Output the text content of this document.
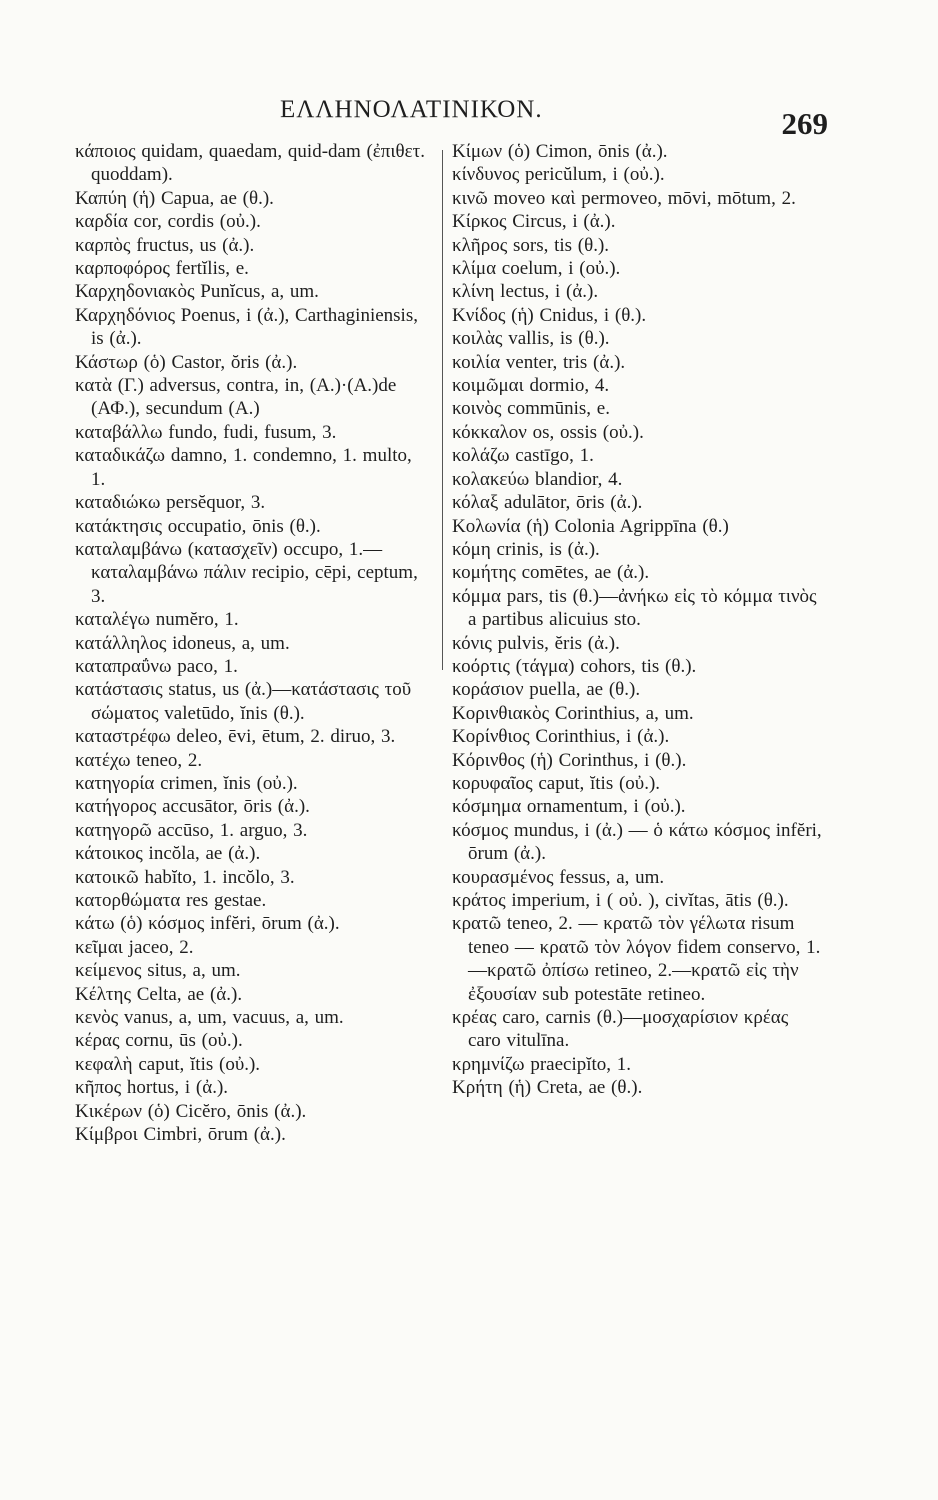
ΕΛΛΗΝΟΛΑΤΙΝΙΚΟΝ.	269
κάποιος quidam, quaedam, quid-dam (ἐπιθετ. quoddam).
Καπύη (ἡ) Capua, ae (θ.).
καρδία cor, cordis (οὐ.).
καρπὸς fructus, us (ἀ.).
καρποφόρος fertĭlis, e.
Καρχηδονιακὸς Punĭcus, a, um.
Καρχηδόνιος Poenus, i (ἀ.), Carthaginiensis, is (ἀ.).
Κάστωρ (ὁ) Castor, ŏris (ἀ.).
κατὰ (Γ.) adversus, contra, in, (Α.)·(Α.)de (ΑΦ.), secundum (Α.)
καταβάλλω fundo, fudi, fusum, 3.
καταδικάζω damno, 1. condemno, 1. multo, 1.
καταδιώκω persĕquor, 3.
κατάκτησις occupatio, ōnis (θ.).
καταλαμβάνω (κατασχεῖν) occupo, 1.—καταλαμβάνω πάλιν recipio, cēpi, ceptum, 3.
καταλέγω numĕro, 1.
κατάλληλος idoneus, a, um.
καταπραΰνω paco, 1.
κατάστασις status, us (ἀ.)—κατάστασις τοῦ σώματος valetūdo, ĭnis (θ.).
καταστρέφω deleo, ēvi, ētum, 2. diruo, 3.
κατέχω teneo, 2.
κατηγορία crimen, ĭnis (οὐ.).
κατήγορος accusātor, ōris (ἀ.).
κατηγορῶ accūso, 1. arguo, 3.
κάτοικος incŏla, ae (ἀ.).
κατοικῶ habĭto, 1. incŏlo, 3.
κατορθώματα res gestae.
κάτω (ὁ) κόσμος infĕri, ōrum (ἀ.).
κεῖμαι jaceo, 2.
κείμενος situs, a, um.
Κέλτης Celta, ae (ἀ.).
κενὸς vanus, a, um, vacuus, a, um.
κέρας cornu, ūs (οὐ.).
κεφαλὴ caput, ĭtis (οὐ.).
κῆπος hortus, i (ἀ.).
Κικέρων (ὁ) Cicĕro, ōnis (ἀ.).
Κίμβροι Cimbri, ōrum (ἀ.).
Κίμων (ὁ) Cimon, ōnis (ἀ.).
κίνδυνος pericŭlum, i (οὐ.).
κινῶ moveo καὶ permoveo, mōvi, mōtum, 2.
Κίρκος Circus, i (ἀ.).
κλῆρος sors, tis (θ.).
κλίμα coelum, i (οὐ.).
κλίνη lectus, i (ἀ.).
Κνίδος (ἡ) Cnidus, i (θ.).
κοιλὰς vallis, is (θ.).
κοιλία venter, tris (ἀ.).
κοιμῶμαι dormio, 4.
κοινὸς commūnis, e.
κόκκαλον os, ossis (οὐ.).
κολάζω castīgo, 1.
κολακεύω blandior, 4.
κόλαξ adulātor, ōris (ἀ.).
Κολωνία (ἡ) Colonia Agrippīna (θ.)
κόμη crinis, is (ἀ.).
κομήτης comētes, ae (ἀ.).
κόμμα pars, tis (θ.)—ἀνήκω εἰς τὸ κόμμα τινὸς a partibus alicuius sto.
κόνις pulvis, ĕris (ἀ.).
κοόρτις (τάγμα) cohors, tis (θ.).
κοράσιον puella, ae (θ.).
Κορινθιακὸς Corinthius, a, um.
Κορίνθιος Corinthius, i (ἀ.).
Κόρινθος (ἡ) Corinthus, i (θ.).
κορυφαῖος caput, ĭtis (οὐ.).
κόσμημα ornamentum, i (οὐ.).
κόσμος mundus, i (ἀ.) — ὁ κάτω κόσμος infĕri, ōrum (ἀ.).
κουρασμένος fessus, a, um.
κράτος imperium, i ( οὐ. ), civĭtas, ātis (θ.).
κρατῶ teneo, 2. — κρατῶ τὸν γέλωτα risum teneo — κρατῶ τὸν λόγον fidem conservo, 1.—κρατῶ ὀπίσω retineo, 2.—κρατῶ εἰς τὴν ἐξουσίαν sub potestāte retineo.
κρέας caro, carnis (θ.)—μοσχαρίσιον κρέας caro vitulīna.
κρημνίζω praecipĭto, 1.
Κρήτη (ἡ) Creta, ae (θ.).
